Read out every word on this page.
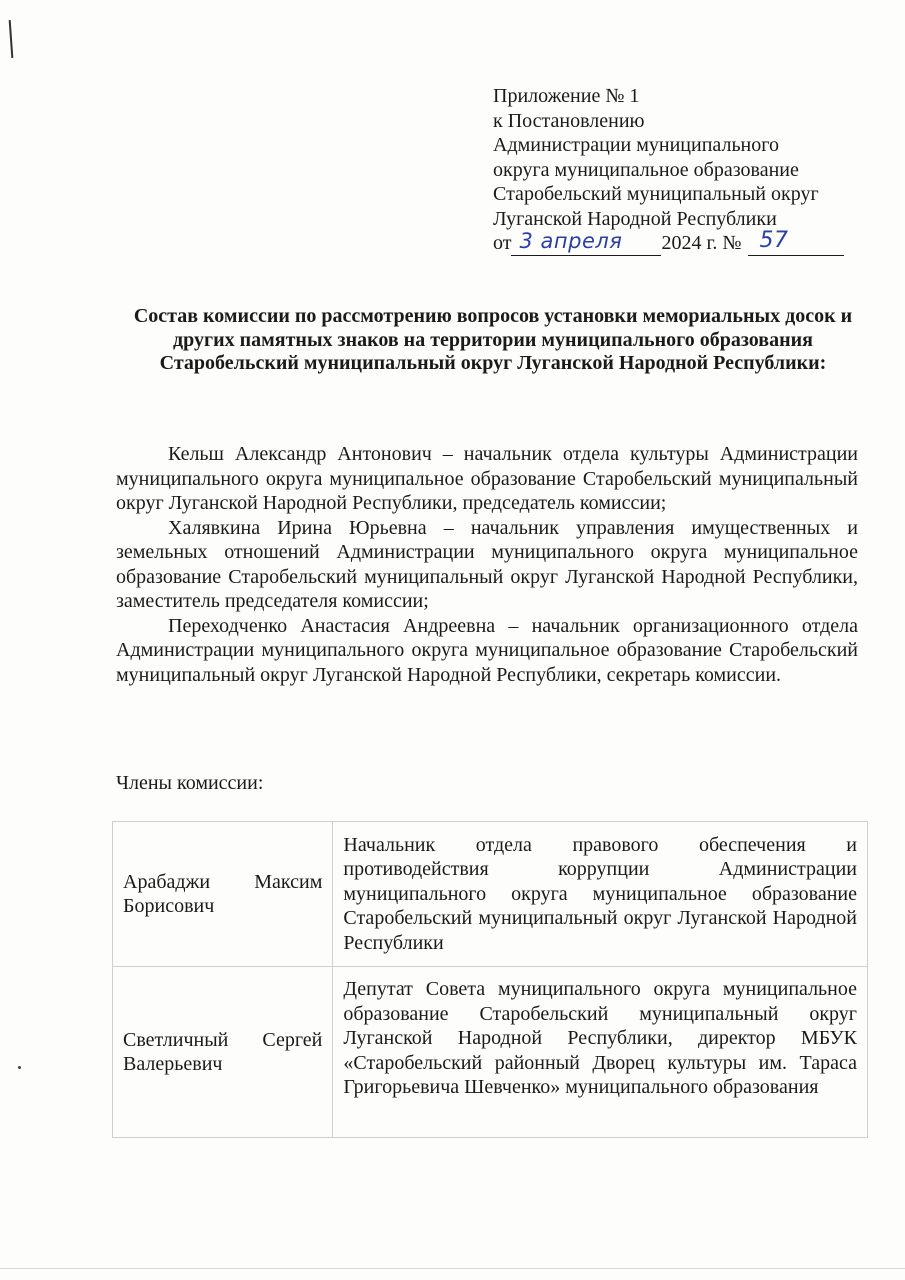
Приложение № 1
к Постановлению
Администрации муниципального
округа муниципальное образование
Старобельский муниципальный округ
Луганской Народной Республики
от 3 апреля 2024 г. № 57
Состав комиссии по рассмотрению вопросов установки мемориальных досок и других памятных знаков на территории муниципального образования Старобельский муниципальный округ Луганской Народной Республики:

Кельш Александр Антонович – начальник отдела культуры Администрации муниципального округа муниципальное образование Старобельский муниципальный округ Луганской Народной Республики, председатель комиссии;

Халявкина Ирина Юрьевна – начальник управления имущественных и земельных отношений Администрации муниципального округа муниципальное образование Старобельский муниципальный округ Луганской Народной Республики, заместитель председателя комиссии;

Переходченко Анастасия Андреевна – начальник организационного отдела Администрации муниципального округа муниципальное образование Старобельский муниципальный округ Луганской Народной Республики, секретарь комиссии.

Члены комиссии:
Арабаджи Максим Борисович	Начальник отдела правового обеспечения и противодействия коррупции Администрации муниципального округа муниципальное образование Старобельский муниципальный округ Луганской Народной Республики
Светличный Сергей Валерьевич	Депутат Совета муниципального округа муниципальное образование Старобельский муниципальный округ Луганской Народной Республики, директор МБУК «Старобельский районный Дворец культуры им. Тараса Григорьевича Шевченко» муниципального образования
